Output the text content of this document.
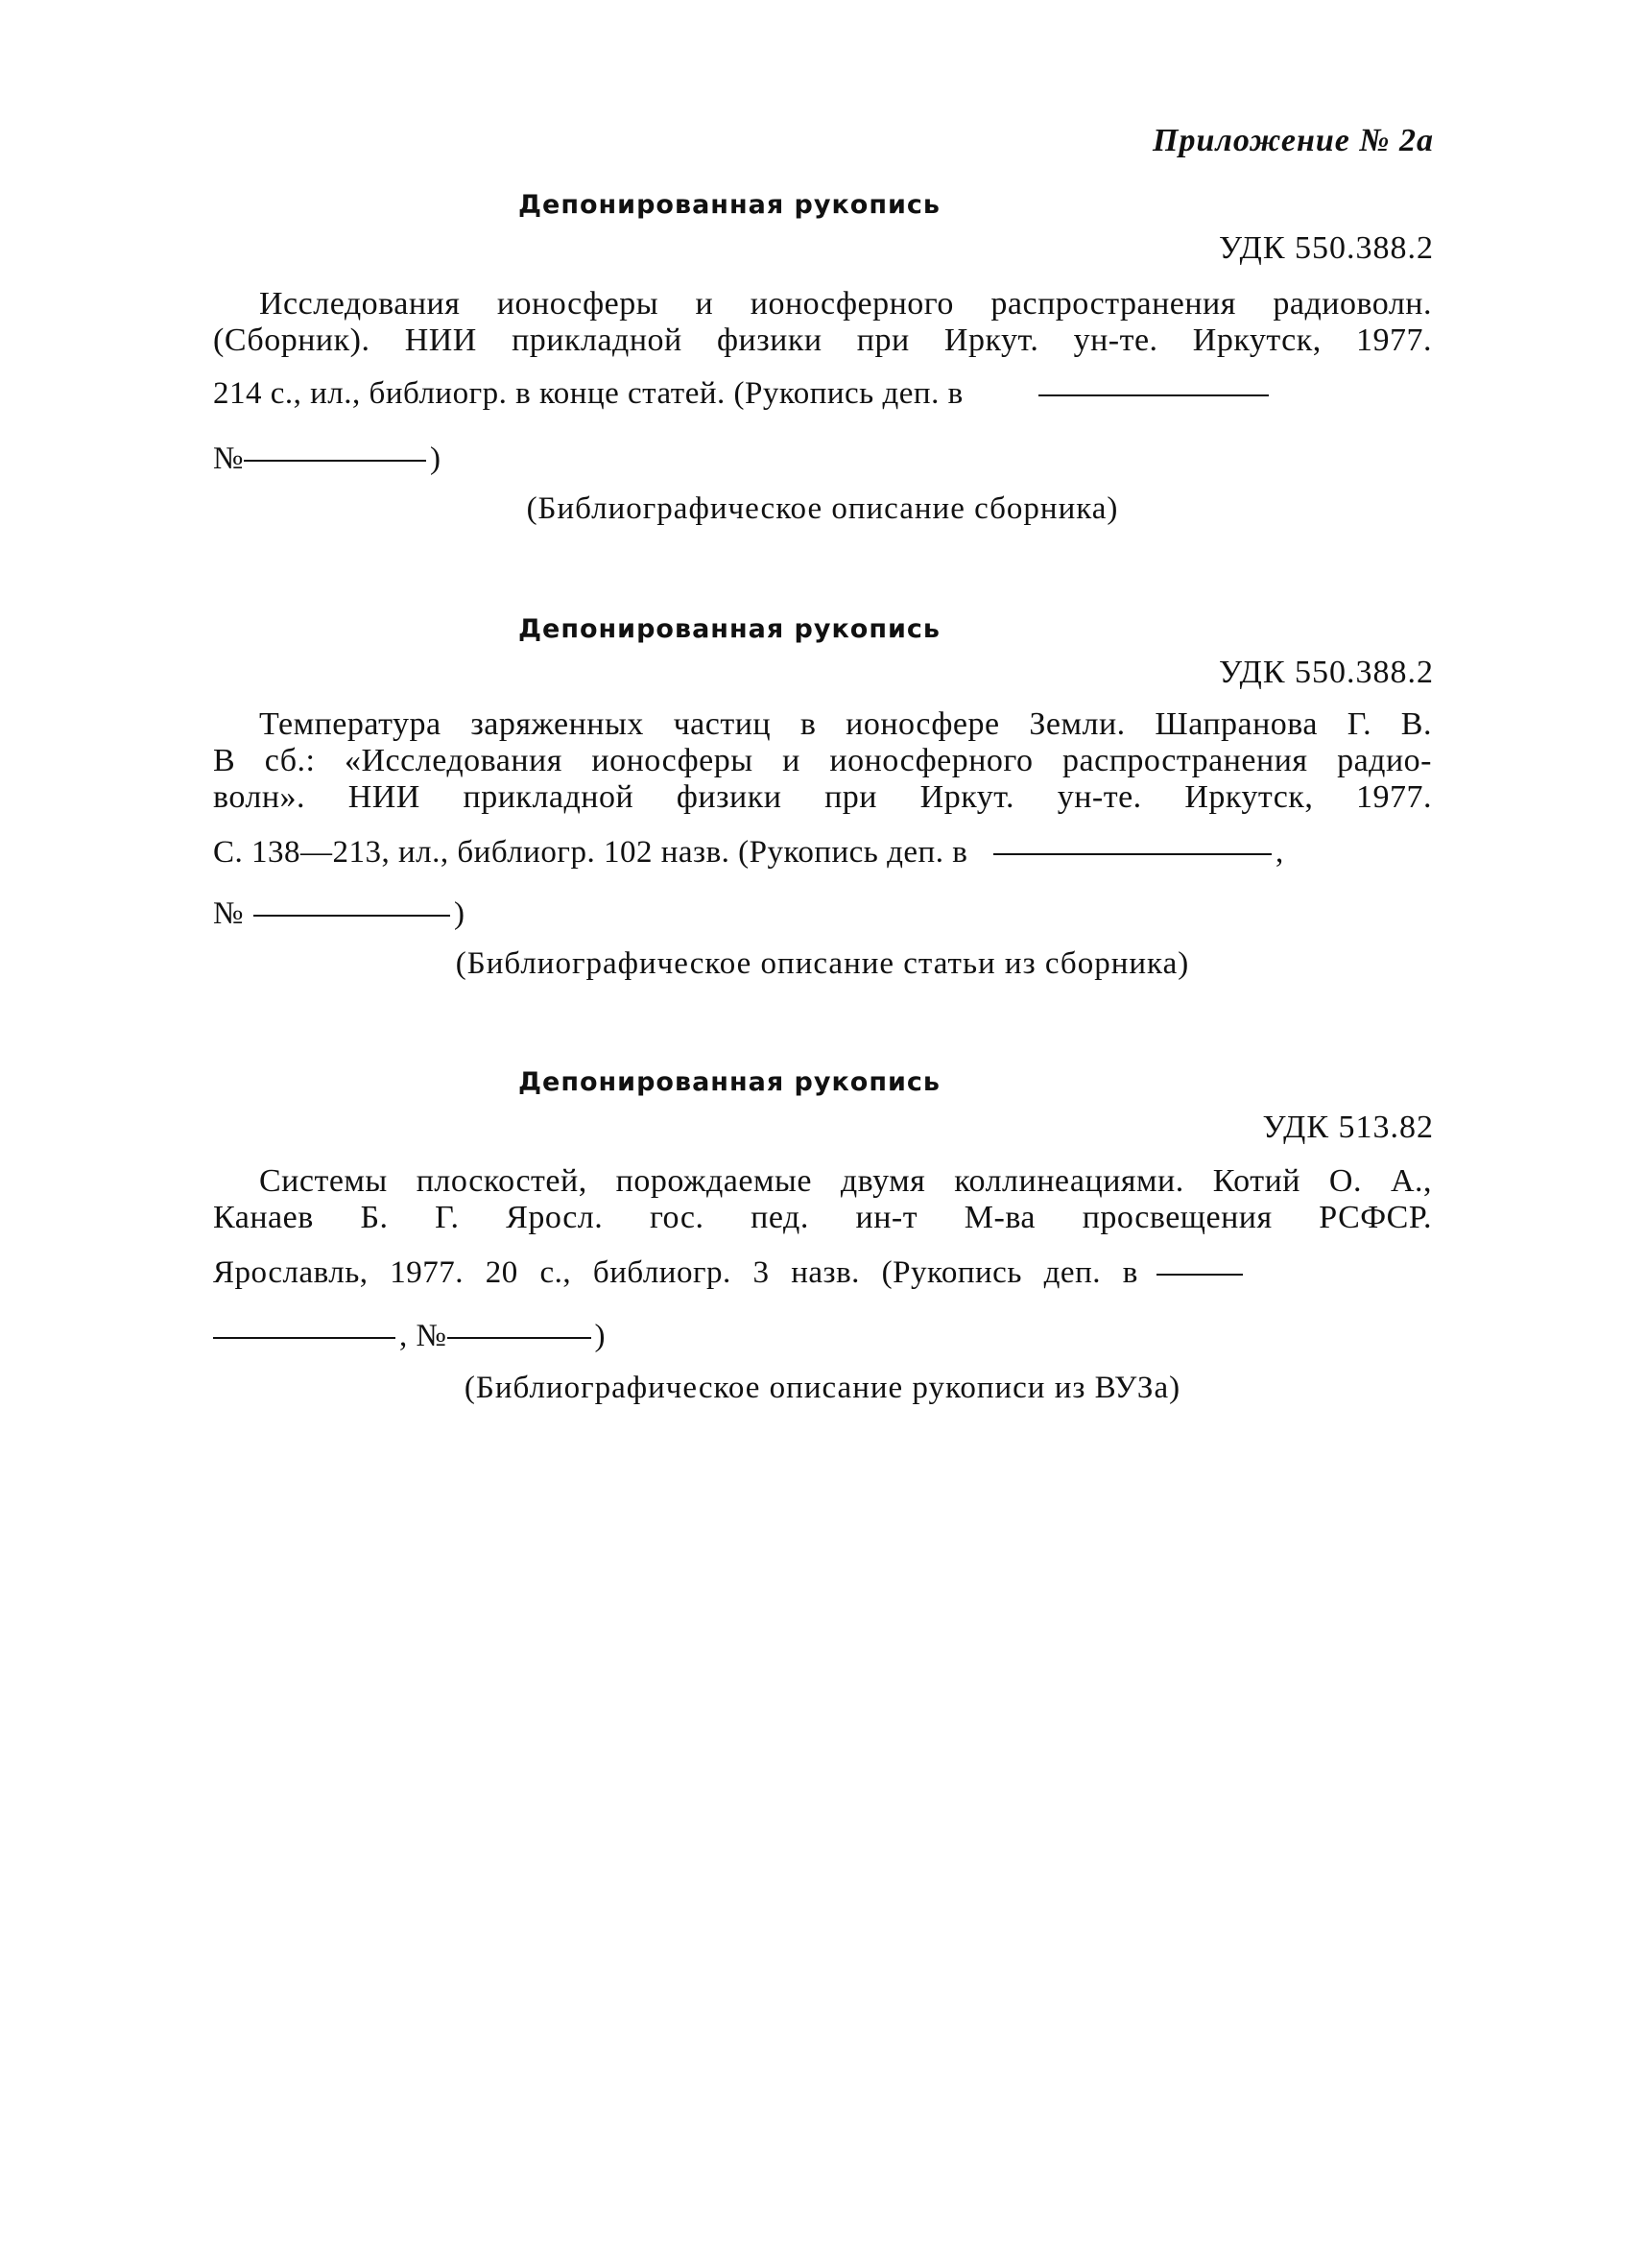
Приложение № 2а
Депонированная рукопись
УДК 550.388.2
Исследования ионосферы и ионосферного распространения радиоволн.
(Сборник). НИИ прикладной физики при Иркут. ун-те. Иркутск, 1977.
214 с., ил., библиогр. в конце статей. (Рукопись деп. в
№	)
(Библиографическое описание сборника)
Депонированная рукопись
УДК 550.388.2
Температура заряженных частиц в ионосфере Земли. Шапранова Г. В.
В сб.: «Исследования ионосферы и ионосферного распространения радио-
волн». НИИ прикладной физики при Иркут. ун-те. Иркутск, 1977.
С. 138—213, ил., библиогр. 102 назв. (Рукопись деп. в	,
№	)
(Библиографическое описание статьи из сборника)
Депонированная рукопись
УДК 513.82
Системы плоскостей, порождаемые двумя коллинеациями. Котий О. А.,
Канаев Б. Г. Яросл. гос. пед. ин-т М-ва просвещения РСФСР.
Ярославль, 1977. 20 с., библиогр. 3 назв. (Рукопись деп. в
, №	)
(Библиографическое описание рукописи из ВУЗа)
